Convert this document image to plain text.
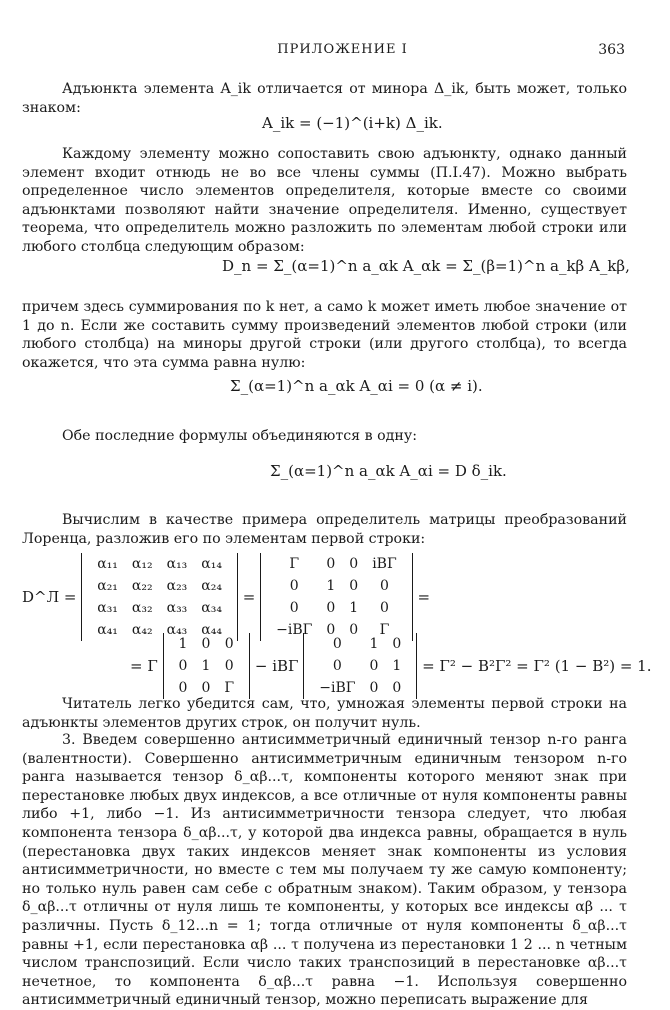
ПРИЛОЖЕНИЕ I	363

Адъюнкта элемента A_ik отличается от минора Δ_ik, быть может, только знаком:

A_ik = (−1)^(i+k) Δ_ik.

Каждому элементу можно сопоставить свою адъюнкту, однако данный элемент входит отнюдь не во все члены суммы (П.I.47). Можно выбрать определенное число элементов определителя, которые вместе со своими адъюнктами позволяют найти значение определителя. Именно, существует теорема, что определитель можно разложить по элементам любой строки или любого столбца следующим образом:

D_n = Σ_(α=1)^n a_αk A_αk = Σ_(β=1)^n a_kβ A_kβ,

причем здесь суммирования по k нет, а само k может иметь любое значение от 1 до n. Если же составить сумму произведений элементов любой строки (или любого столбца) на миноры другой строки (или другого столбца), то всегда окажется, что эта сумма равна нулю:

Σ_(α=1)^n a_αk A_αi = 0 (α ≠ i).

Обе последние формулы объединяются в одну:

Σ_(α=1)^n a_αk A_αi = D δ_ik.

Вычислим в качестве примера определитель матрицы преобразований Лоренца, разложив его по элементам первой строки:

D^Л =
α₁₁	α₁₂	α₁₃	α₁₄
α₂₁	α₂₂	α₂₃	α₂₄
α₃₁	α₃₂	α₃₃	α₃₄
α₄₁	α₄₂	α₄₃	α₄₄
=
Γ	0	0	iBΓ
0	1	0	0
0	0	1	0
−iBΓ	0	0	Γ
=
= Γ
1	0	0
0	1	0
0	0	Γ
− iBΓ
0	1	0
0	0	1
−iBΓ	0	0
= Γ² − B²Γ² = Γ² (1 − B²) = 1.

Читатель легко убедится сам, что, умножая элементы первой строки на адъюнкты элементов других строк, он получит нуль.

3. Введем совершенно антисимметричный единичный тензор n-го ранга (валентности). Совершенно антисимметричным единичным тензором n-го ранга называется тензор δ_αβ...τ, компоненты которого меняют знак при перестановке любых двух индексов, а все отличные от нуля компоненты равны либо +1, либо −1. Из антисимметричности тензора следует, что любая компонента тензора δ_αβ...τ, у которой два индекса равны, обращается в нуль (перестановка двух таких индексов меняет знак компоненты из условия антисимметричности, но вместе с тем мы получаем ту же самую компоненту; но только нуль равен сам себе с обратным знаком). Таким образом, у тензора δ_αβ...τ отличны от нуля лишь те компоненты, у которых все индексы αβ ... τ различны. Пусть δ_12...n = 1; тогда отличные от нуля компоненты δ_αβ...τ равны +1, если перестановка αβ ... τ получена из перестановки 1 2 ... n четным числом транспозиций. Если число таких транспозиций в перестановке αβ...τ нечетное, то компонента δ_αβ...τ равна −1. Используя совершенно антисимметричный единичный тензор, можно переписать выражение для
